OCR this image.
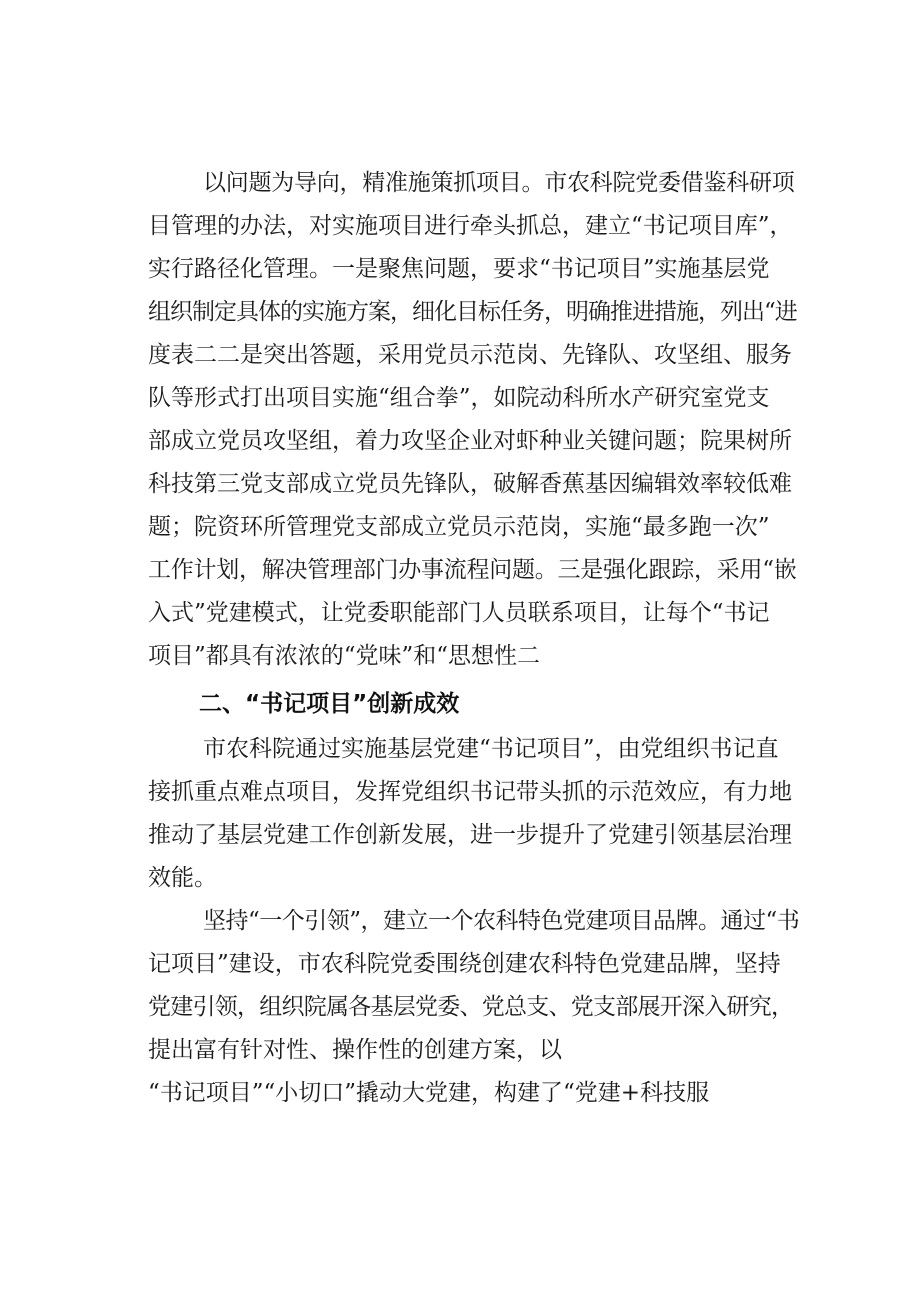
以问题为导向，精准施策抓项目。市农科院党委借鉴科研项
目管理的办法，对实施项目进行牵头抓总，建立“书记项目库”，
实行路径化管理。一是聚焦问题，要求“书记项目”实施基层党
组织制定具体的实施方案，细化目标任务，明确推进措施，列出“进
度表二二是突出答题，采用党员示范岗、先锋队、攻坚组、服务
队等形式打出项目实施“组合拳”，如院动科所水产研究室党支
部成立党员攻坚组，着力攻坚企业对虾种业关键问题；院果树所
科技第三党支部成立党员先锋队，破解香蕉基因编辑效率较低难
题；院资环所管理党支部成立党员示范岗，实施“最多跑一次”
工作计划，解决管理部门办事流程问题。三是强化跟踪，采用“嵌
入式”党建模式，让党委职能部门人员联系项目，让每个“书记
项目”都具有浓浓的“党味”和“思想性二
二、“书记项目”创新成效
市农科院通过实施基层党建“书记项目”，由党组织书记直
接抓重点难点项目，发挥党组织书记带头抓的示范效应，有力地
推动了基层党建工作创新发展，进一步提升了党建引领基层治理
效能。
坚持“一个引领”，建立一个农科特色党建项目品牌。通过“书
记项目”建设，市农科院党委围绕创建农科特色党建品牌，坚持
党建引领，组织院属各基层党委、党总支、党支部展开深入研究，
提出富有针对性、操作性的创建方案，以
“书记项目”“小切口”撬动大党建，构建了“党建+科技服
